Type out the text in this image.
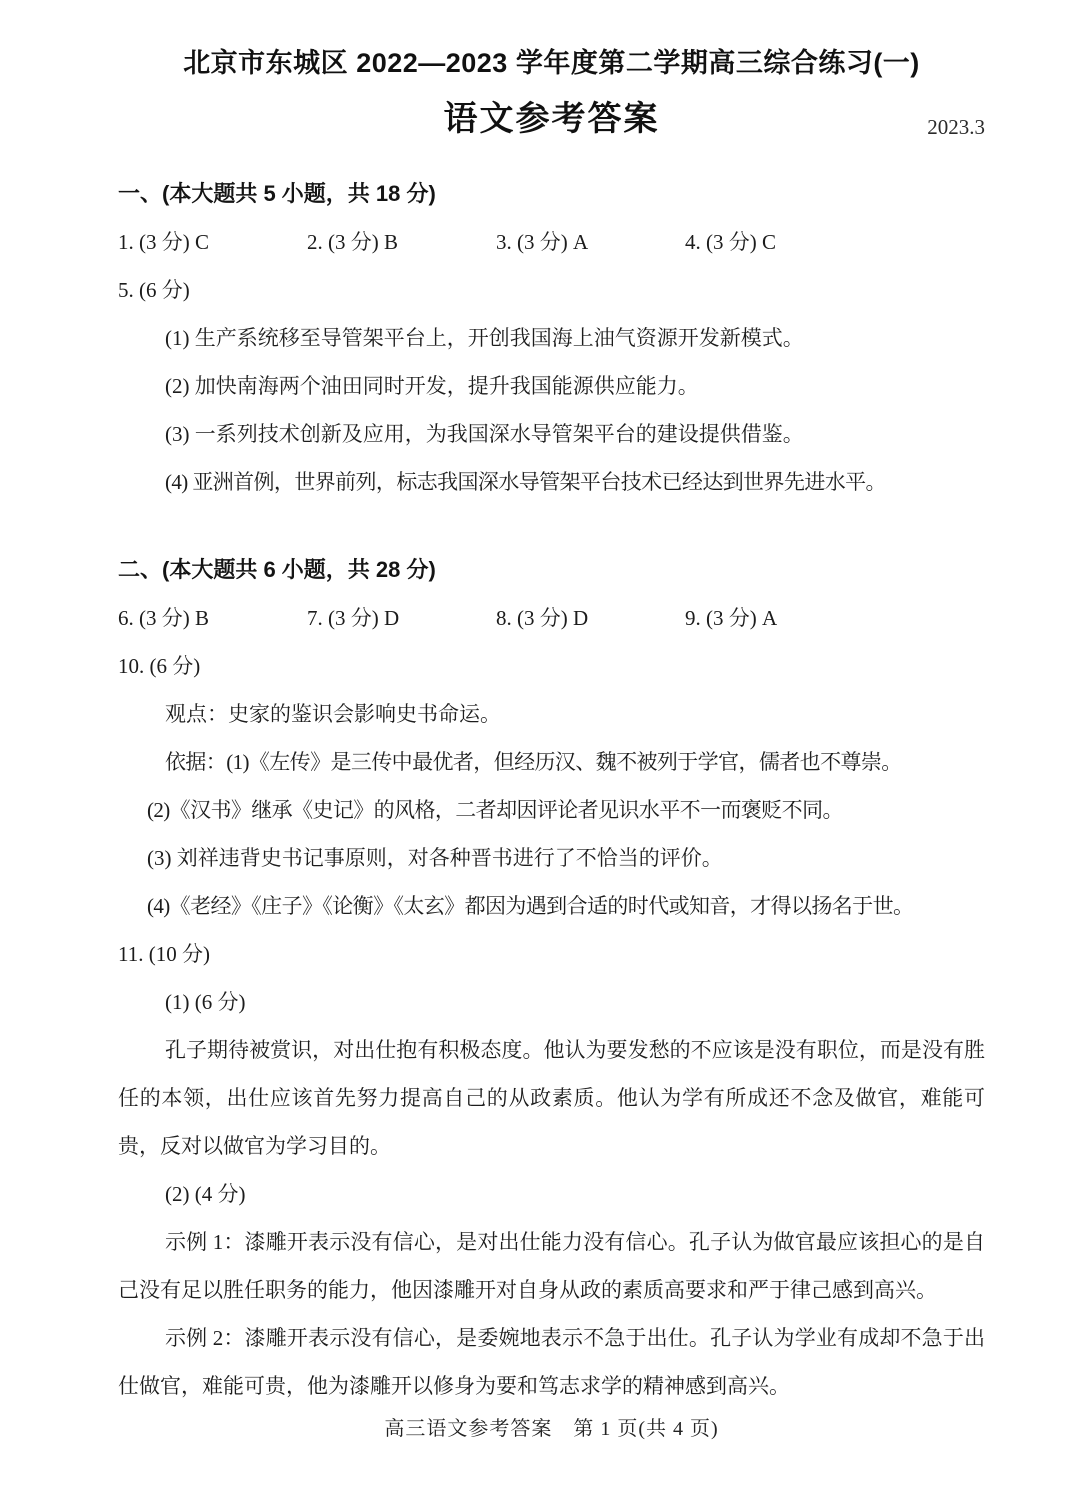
北京市东城区 2022—2023 学年度第二学期高三综合练习(一)
语文参考答案	2023.3
一、(本大题共 5 小题，共 18 分)
1. (3 分) C	2. (3 分) B	3. (3 分) A	4. (3 分) C
5. (6 分)
(1) 生产系统移至导管架平台上，开创我国海上油气资源开发新模式。
(2) 加快南海两个油田同时开发，提升我国能源供应能力。
(3) 一系列技术创新及应用，为我国深水导管架平台的建设提供借鉴。
(4) 亚洲首例，世界前列，标志我国深水导管架平台技术已经达到世界先进水平。
二、(本大题共 6 小题，共 28 分)
6. (3 分) B	7. (3 分) D	8. (3 分) D	9. (3 分) A
10. (6 分)
观点：史家的鉴识会影响史书命运。
依据：(1)《左传》是三传中最优者，但经历汉、魏不被列于学官，儒者也不尊崇。
(2)《汉书》继承《史记》的风格，二者却因评论者见识水平不一而褒贬不同。
(3) 刘祥违背史书记事原则，对各种晋书进行了不恰当的评价。
(4)《老经》《庄子》《论衡》《太玄》都因为遇到合适的时代或知音，才得以扬名于世。
11. (10 分)
(1) (6 分)

孔子期待被赏识，对出仕抱有积极态度。他认为要发愁的不应该是没有职位，而是没有胜任的本领，出仕应该首先努力提高自己的从政素质。他认为学有所成还不念及做官，难能可贵，反对以做官为学习目的。

(2) (4 分)

示例 1：漆雕开表示没有信心，是对出仕能力没有信心。孔子认为做官最应该担心的是自己没有足以胜任职务的能力，他因漆雕开对自身从政的素质高要求和严于律己感到高兴。

示例 2：漆雕开表示没有信心，是委婉地表示不急于出仕。孔子认为学业有成却不急于出仕做官，难能可贵，他为漆雕开以修身为要和笃志求学的精神感到高兴。

高三语文参考答案　第 1 页(共 4 页)
